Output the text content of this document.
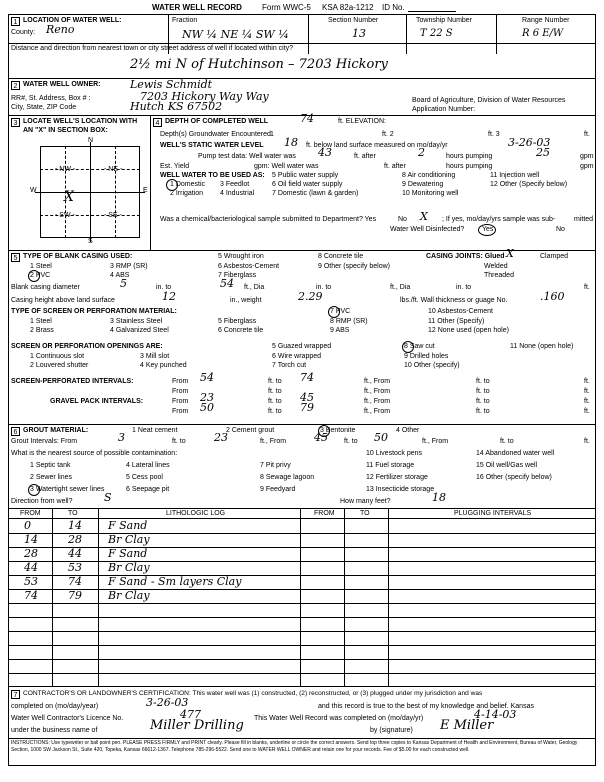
WATER WELL RECORD	Form WWC-5 KSA 82a-1212 ID No.
1 LOCATION OF WATER WELL:
County: Reno
Fraction
NW ¼ NE ¼ SW ¼
Section Number
13
Township Number
T 22 S
Range Number
R 6 E/W
Distance and direction from nearest town or city street address of well if located within city?
2½ mi N of Hutchinson – 7203 Hickory
2 WATER WELL OWNER:	Lewis Schmidt
RR#, St. Address, Box # :	7203 Hickory Way Way
City, State, ZIP Code	Hutch KS 67502	Board of Agriculture, Division of Water Resources
Application Number:
3 LOCATE WELL'S LOCATION WITH
AN "X" IN SECTION BOX:
N
S
W	E
- NW -	- NE -
- SW -	- SE -
X
4 DEPTH OF COMPLETED WELL	74	ft. ELEVATION:
Depth(s) Groundwater Encountered 1	ft. 2	ft. 3	ft.
WELL'S STATIC WATER LEVEL 18 ft. below land surface measured on mo/day/yr	3-26-03
Pump test data: Well water was 43	ft. after	2	hours pumping	25	gpm
Est. Yield	gpm: Well water was	ft. after	hours pumping	gpm
WELL WATER TO BE USED AS:
1 Domestic
2 Irrigation
3 Feedlot
4 Industrial
5 Public water supply
6 Oil field water supply
7 Domestic (lawn & garden)
8 Air conditioning
9 Dewatering
10 Monitoring well
11 Injection well
12 Other (Specify below)
Was a chemical/bacteriological sample submitted to Department? Yes	No X ; If yes, mo/day/yrs sample was sub-	mitted
Water Well Disinfected?	Yes	No
5 TYPE OF BLANK CASING USED:
1 Steel
2 PVC
3 RMP (SR)
4 ABS
5 Wrought iron
6 Asbestos-Cement
7 Fiberglass
8 Concrete tile
9 Other (specify below)
CASING JOINTS: Glued X	Clamped
Welded
Threaded
Blank casing diameter	5	in. to	54 ft., Dia	in. to	ft., Dia	in. to	ft.
Casing height above land surface	12	in., weight	2.29	lbs./ft. Wall thickness or guage No.	.160
TYPE OF SCREEN OR PERFORATION MATERIAL:
1 Steel
2 Brass
3 Stainless Steel
4 Galvanized Steel
5 Fiberglass
6 Concrete tile
7 PVC
8 RMP (SR)
9 ABS
10 Asbestos-Cement
11 Other (Specify)
12 None used (open hole)
SCREEN OR PERFORATION OPENINGS ARE:
1 Continuous slot
2 Louvered shutter
3 Mill slot
4 Key punched
5 Guazed wrapped
6 Wire wrapped
7 Torch cut
8 Saw cut
9 Drilled holes
10 Other (specify)
11 None (open hole)
SCREEN-PERFORATED INTERVALS:	From 54	ft. to 74	ft., From	ft. to	ft.
From	ft. to	ft., From	ft. to	ft.
GRAVEL PACK INTERVALS:	From 23	ft. to 45	ft., From	ft. to	ft.
From 50	ft. to 79	ft., From	ft. to	ft.
6 GROUT MATERIAL:	1 Neat cement	2 Cement grout	3 Bentonite	4 Other
Grout Intervals: From	3	ft. to	23	ft., From	45 ft. to 50	ft., From	ft. to	ft.
What is the nearest source of possible contamination:
1 Septic tank
2 Sewer lines
3 Watertight sewer lines
4 Lateral lines
5 Cess pool
6 Seepage pit
7 Pit privy
8 Sewage lagoon
9 Feedyard
10 Livestock pens
11 Fuel storage
12 Fertilizer storage
13 Insecticide storage
14 Abandoned water well
15 Oil well/Gas well
16 Other (specify below)
Direction from well?	S	How many feet?	18
FROM	TO	LITHOLOGIC LOG	FROM	TO	PLUGGING INTERVALS
0	14 F Sand
14	28 Br Clay
28	44 F Sand
44	53 Br Clay
53	74 F Sand - Sm layers Clay
74	79 Br Clay
7 CONTRACTOR'S OR LANDOWNER'S CERTIFICATION: This water well was (1) constructed, (2) reconstructed, or (3) plugged under my jurisdiction and was
completed on (mo/day/year)	3-26-03	and this record is true to the best of my knowledge and belief. Kansas
Water Well Contractor's Licence No.	477	This Water Well Record was completed on (mo/day/yr)	4-14-03
under the business name of	Miller Drilling	by (signature) E Miller
INSTRUCTIONS: Use typewriter or ball point pen. PLEASE PRESS FIRMLY and PRINT clearly. Please fill in blanks, underline or circle the correct answers. Send top three copies to Kansas Department of Health and Environment, Bureau of Water, Geology Section, 1000 SW Jackson St., Suite 420, Topeka, Kansas 66612-1367. Telephone 785-296-5522. Send one to WATER WELL OWNER and retain one for your records. Fee of $5.00 for each constructed well.
